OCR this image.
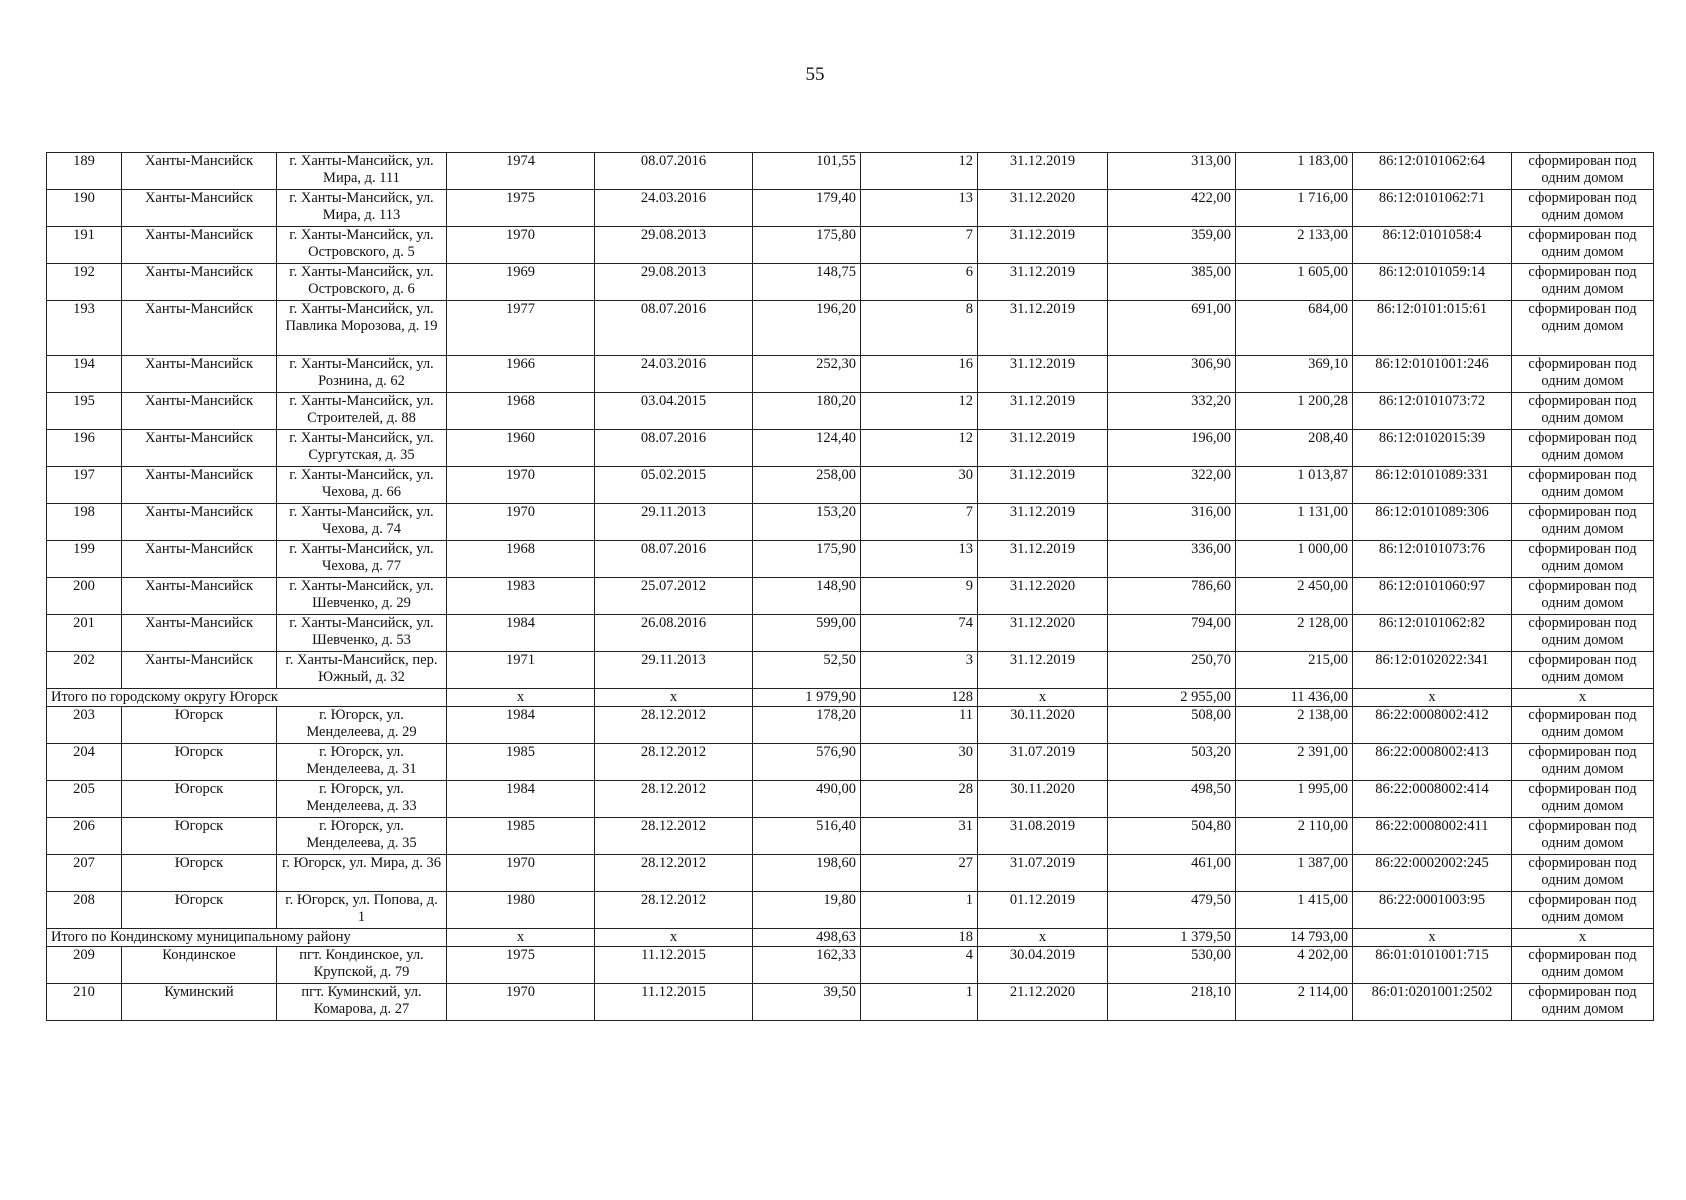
55
189	Ханты-Мансийск	г. Ханты-Мансийск, ул. Мира, д. 111	1974	08.07.2016	101,55	12	31.12.2019	313,00	1 183,00	86:12:0101062:64	сформирован под одним домом
190	Ханты-Мансийск	г. Ханты-Мансийск, ул. Мира, д. 113	1975	24.03.2016	179,40	13	31.12.2020	422,00	1 716,00	86:12:0101062:71	сформирован под одним домом
191	Ханты-Мансийск	г. Ханты-Мансийск, ул. Островского, д. 5	1970	29.08.2013	175,80	7	31.12.2019	359,00	2 133,00	86:12:0101058:4	сформирован под одним домом
192	Ханты-Мансийск	г. Ханты-Мансийск, ул. Островского, д. 6	1969	29.08.2013	148,75	6	31.12.2019	385,00	1 605,00	86:12:0101059:14	сформирован под одним домом
193	Ханты-Мансийск	г. Ханты-Мансийск, ул. Павлика Морозова, д. 19	1977	08.07.2016	196,20	8	31.12.2019	691,00	684,00	86:12:0101:015:61	сформирован под одним домом
194	Ханты-Мансийск	г. Ханты-Мансийск, ул. Рознина, д. 62	1966	24.03.2016	252,30	16	31.12.2019	306,90	369,10	86:12:0101001:246	сформирован под одним домом
195	Ханты-Мансийск	г. Ханты-Мансийск, ул. Строителей, д. 88	1968	03.04.2015	180,20	12	31.12.2019	332,20	1 200,28	86:12:0101073:72	сформирован под одним домом
196	Ханты-Мансийск	г. Ханты-Мансийск, ул. Сургутская, д. 35	1960	08.07.2016	124,40	12	31.12.2019	196,00	208,40	86:12:0102015:39	сформирован под одним домом
197	Ханты-Мансийск	г. Ханты-Мансийск, ул. Чехова, д. 66	1970	05.02.2015	258,00	30	31.12.2019	322,00	1 013,87	86:12:0101089:331	сформирован под одним домом
198	Ханты-Мансийск	г. Ханты-Мансийск, ул. Чехова, д. 74	1970	29.11.2013	153,20	7	31.12.2019	316,00	1 131,00	86:12:0101089:306	сформирован под одним домом
199	Ханты-Мансийск	г. Ханты-Мансийск, ул. Чехова, д. 77	1968	08.07.2016	175,90	13	31.12.2019	336,00	1 000,00	86:12:0101073:76	сформирован под одним домом
200	Ханты-Мансийск	г. Ханты-Мансийск, ул. Шевченко, д. 29	1983	25.07.2012	148,90	9	31.12.2020	786,60	2 450,00	86:12:0101060:97	сформирован под одним домом
201	Ханты-Мансийск	г. Ханты-Мансийск, ул. Шевченко, д. 53	1984	26.08.2016	599,00	74	31.12.2020	794,00	2 128,00	86:12:0101062:82	сформирован под одним домом
202	Ханты-Мансийск	г. Ханты-Мансийск, пер. Южный, д. 32	1971	29.11.2013	52,50	3	31.12.2019	250,70	215,00	86:12:0102022:341	сформирован под одним домом
Итого по городскому округу Югорск			х	х	1 979,90	128	х	2 955,00	11 436,00	х	х
203	Югорск	г. Югорск, ул. Менделеева, д. 29	1984	28.12.2012	178,20	11	30.11.2020	508,00	2 138,00	86:22:0008002:412	сформирован под одним домом
204	Югорск	г. Югорск, ул. Менделеева, д. 31	1985	28.12.2012	576,90	30	31.07.2019	503,20	2 391,00	86:22:0008002:413	сформирован под одним домом
205	Югорск	г. Югорск, ул. Менделеева, д. 33	1984	28.12.2012	490,00	28	30.11.2020	498,50	1 995,00	86:22:0008002:414	сформирован под одним домом
206	Югорск	г. Югорск, ул. Менделеева, д. 35	1985	28.12.2012	516,40	31	31.08.2019	504,80	2 110,00	86:22:0008002:411	сформирован под одним домом
207	Югорск	г. Югорск, ул. Мира, д. 36	1970	28.12.2012	198,60	27	31.07.2019	461,00	1 387,00	86:22:0002002:245	сформирован под одним домом
208	Югорск	г. Югорск, ул. Попова, д. 1	1980	28.12.2012	19,80	1	01.12.2019	479,50	1 415,00	86:22:0001003:95	сформирован под одним домом
Итого по Кондинскому муниципальному району			х	х	498,63	18	х	1 379,50	14 793,00	х	х
209	Кондинское	пгт. Кондинское, ул. Крупской, д. 79	1975	11.12.2015	162,33	4	30.04.2019	530,00	4 202,00	86:01:0101001:715	сформирован под одним домом
210	Куминский	пгт. Куминский, ул. Комарова, д. 27	1970	11.12.2015	39,50	1	21.12.2020	218,10	2 114,00	86:01:0201001:2502	сформирован под одним домом
